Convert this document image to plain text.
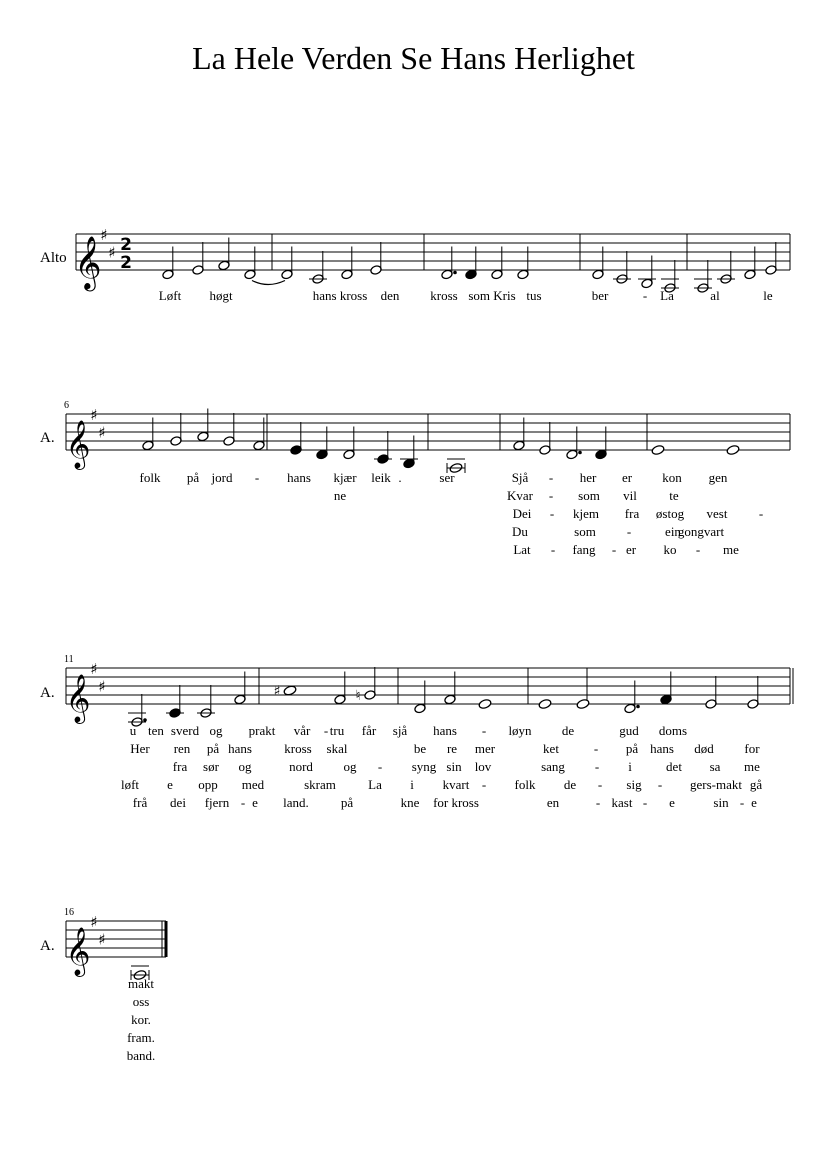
La Hele Verden Se Hans Herlighet
Alto
A.
A.
A.
𝄞
♯
♯ 2
2
𝄞
♯
♯
6
𝄞
♯
♯
11
𝄞
♯
♯
16
♯	♮
Løft høgt	hans kross den kross som Kris tus	ber	- La	al	le
folk på jord - hans kjær leik .	ser	Sjå - her er kon gen
Kvar - som vil te
ne
Dei - kjem fra østog vest -
Du	som -	ein
gongvart
Lat - fang - er ko - me
u ten sverd og prakt vår - tru får sjå hans - løyn de	gud doms
Her ren på hans kross skal	be re mer	ket	- på hans død for
fra sør og	nord og - syng sin lov	sang - i	det sa me
løft e opp med	skram La i kvart - folk de - sig - gers-makt gå
frå dei fjern - e land. på	kne for kross	en	- kast - e	sin - e
makt
oss
kor.
fram.
band.
